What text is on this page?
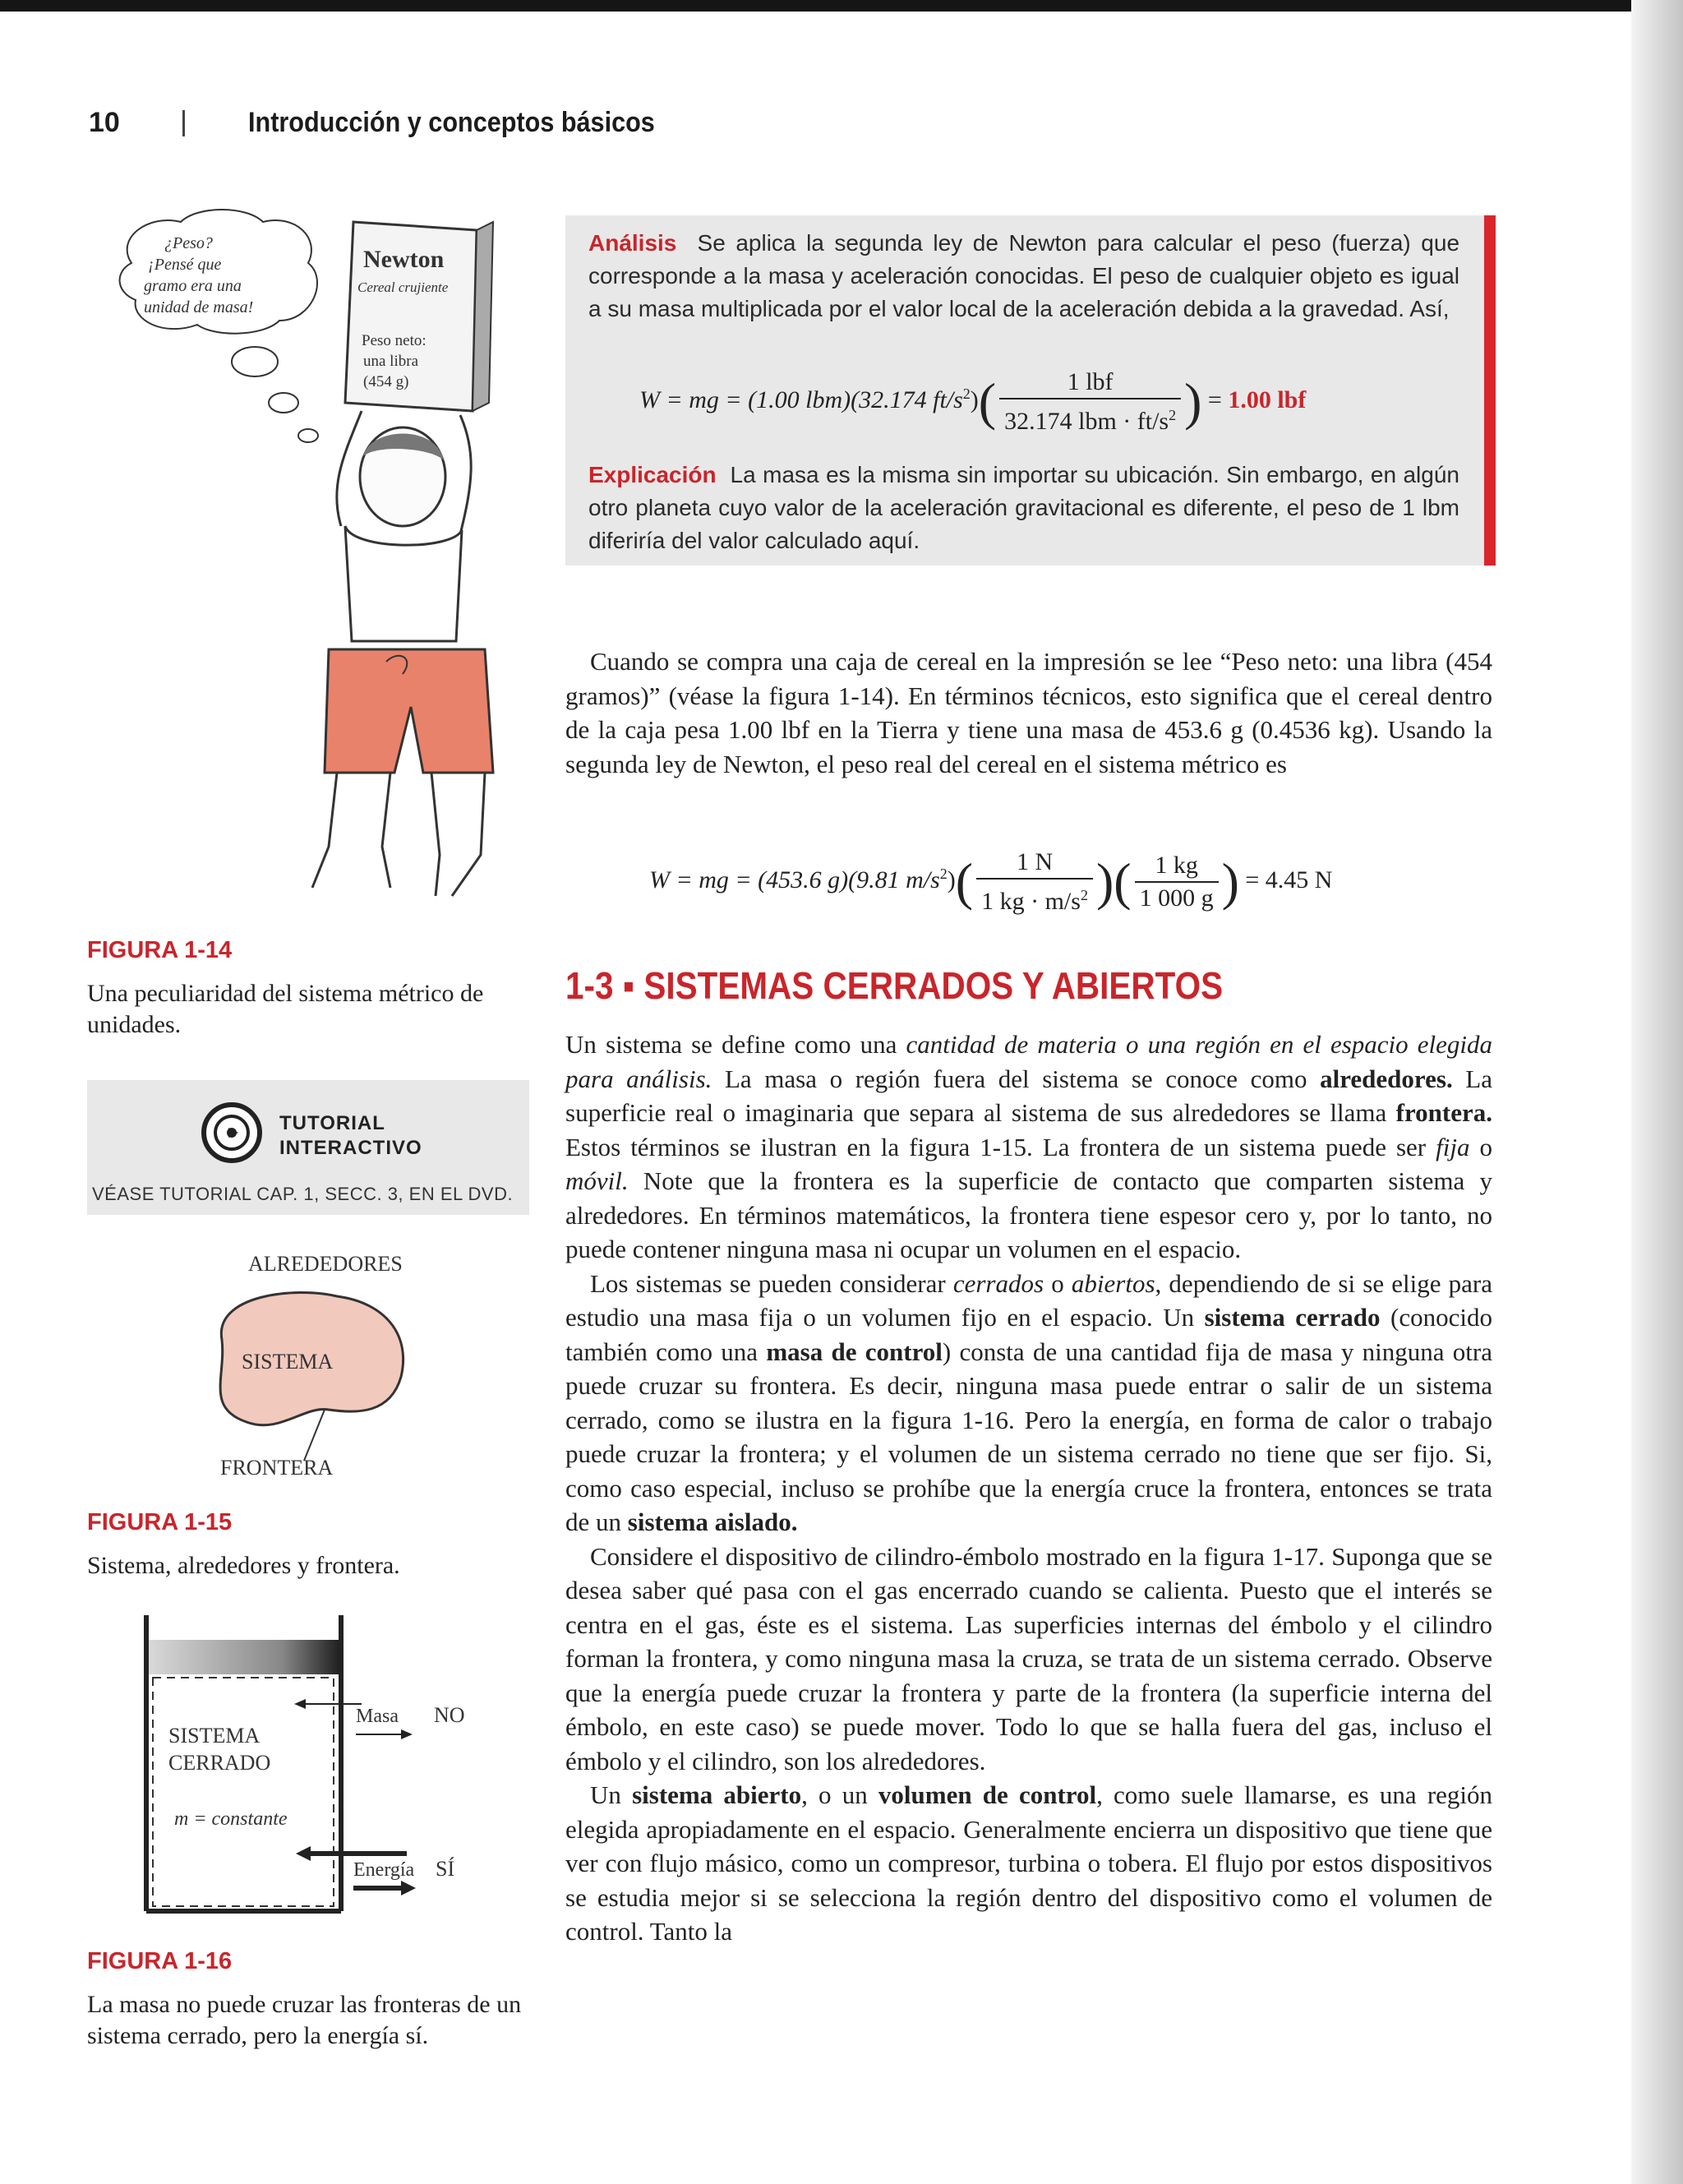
10	Introducción y conceptos básicos
Análisis Se aplica la segunda ley de Newton para calcular el peso (fuerza) que corresponde a la masa y aceleración conocidas. El peso de cualquier objeto es igual a su masa multiplicada por el valor local de la aceleración debida a la gravedad. Así,
W = mg = (1.00 lbm)(32.174 $ft/s^2)( \frac{\text{1 lbf}}{32.174 lbm \cdot ft/s^2}$ ) = 1.00 lbf
Explicación La masa es la misma sin importar su ubicación. Sin embargo, en algún otro planeta cuyo valor de la aceleración gravitacional es diferente, el peso de 1 lbm diferiría del valor calculado aquí.

Cuando se compra una caja de cereal en la impresión se lee “Peso neto: una libra (454 gramos)” (véase la figura 1-14). En términos técnicos, esto significa que el cereal dentro de la caja pesa 1.00 lbf en la Tierra y tiene una masa de 453.6 g (0.4536 kg). Usando la segunda ley de Newton, el peso real del cereal en el sistema métrico es

W = mg = (453.6 g)(9.81 $m/s^2)( \frac{1 N}{1 kg \cdot m/s^2}$ )( $\frac{1 kg}{1 000 g}$ ) = 4.45 N
1-3 ▪ SISTEMAS CERRADOS Y ABIERTOS

Un sistema se define como una cantidad de materia o una región en el espacio elegida para análisis. La masa o región fuera del sistema se conoce como alrededores. La superficie real o imaginaria que separa al sistema de sus alrededores se llama frontera. Estos términos se ilustran en la figura 1-15. La frontera de un sistema puede ser fija o móvil. Note que la frontera es la superficie de contacto que comparten sistema y alrededores. En términos matemáticos, la frontera tiene espesor cero y, por lo tanto, no puede contener ninguna masa ni ocupar un volumen en el espacio.

Los sistemas se pueden considerar cerrados o abiertos, dependiendo de si se elige para estudio una masa fija o un volumen fijo en el espacio. Un sistema cerrado (conocido también como una masa de control) consta de una cantidad fija de masa y ninguna otra puede cruzar su frontera. Es decir, ninguna masa puede entrar o salir de un sistema cerrado, como se ilustra en la figura 1-16. Pero la energía, en forma de calor o trabajo puede cruzar la frontera; y el volumen de un sistema cerrado no tiene que ser fijo. Si, como caso especial, incluso se prohíbe que la energía cruce la frontera, entonces se trata de un sistema aislado.

Considere el dispositivo de cilindro-émbolo mostrado en la figura 1-17. Suponga que se desea saber qué pasa con el gas encerrado cuando se calienta. Puesto que el interés se centra en el gas, éste es el sistema. Las superficies internas del émbolo y el cilindro forman la frontera, y como ninguna masa la cruza, se trata de un sistema cerrado. Observe que la energía puede cruzar la frontera y parte de la frontera (la superficie interna del émbolo, en este caso) se puede mover. Todo lo que se halla fuera del gas, incluso el émbolo y el cilindro, son los alrededores.

Un sistema abierto, o un volumen de control, como suele llamarse, es una región elegida apropiadamente en el espacio. Generalmente encierra un dispositivo que tiene que ver con flujo másico, como un compresor, turbina o tobera. El flujo por estos dispositivos se estudia mejor si se selecciona la región dentro del dispositivo como el volumen de control. Tanto la

¿Peso?
¡Pensé que
gramo era una
unidad de masa!
Newton
Cereal crujiente
Peso neto:
una libra
(454 g)
FIGURA 1-14
Una peculiaridad del sistema métrico de unidades.
TUTORIAL
INTERACTIVO
VÉASE TUTORIAL CAP. 1, SECC. 3, EN EL DVD.
ALREDEDORES
SISTEMA
FRONTERA
FIGURA 1-15
Sistema, alrededores y frontera.
SISTEMA
CERRADO
m = constante
Masa NO
Energía SÍ
FIGURA 1-16
La masa no puede cruzar las fronteras de un sistema cerrado, pero la energía sí.
